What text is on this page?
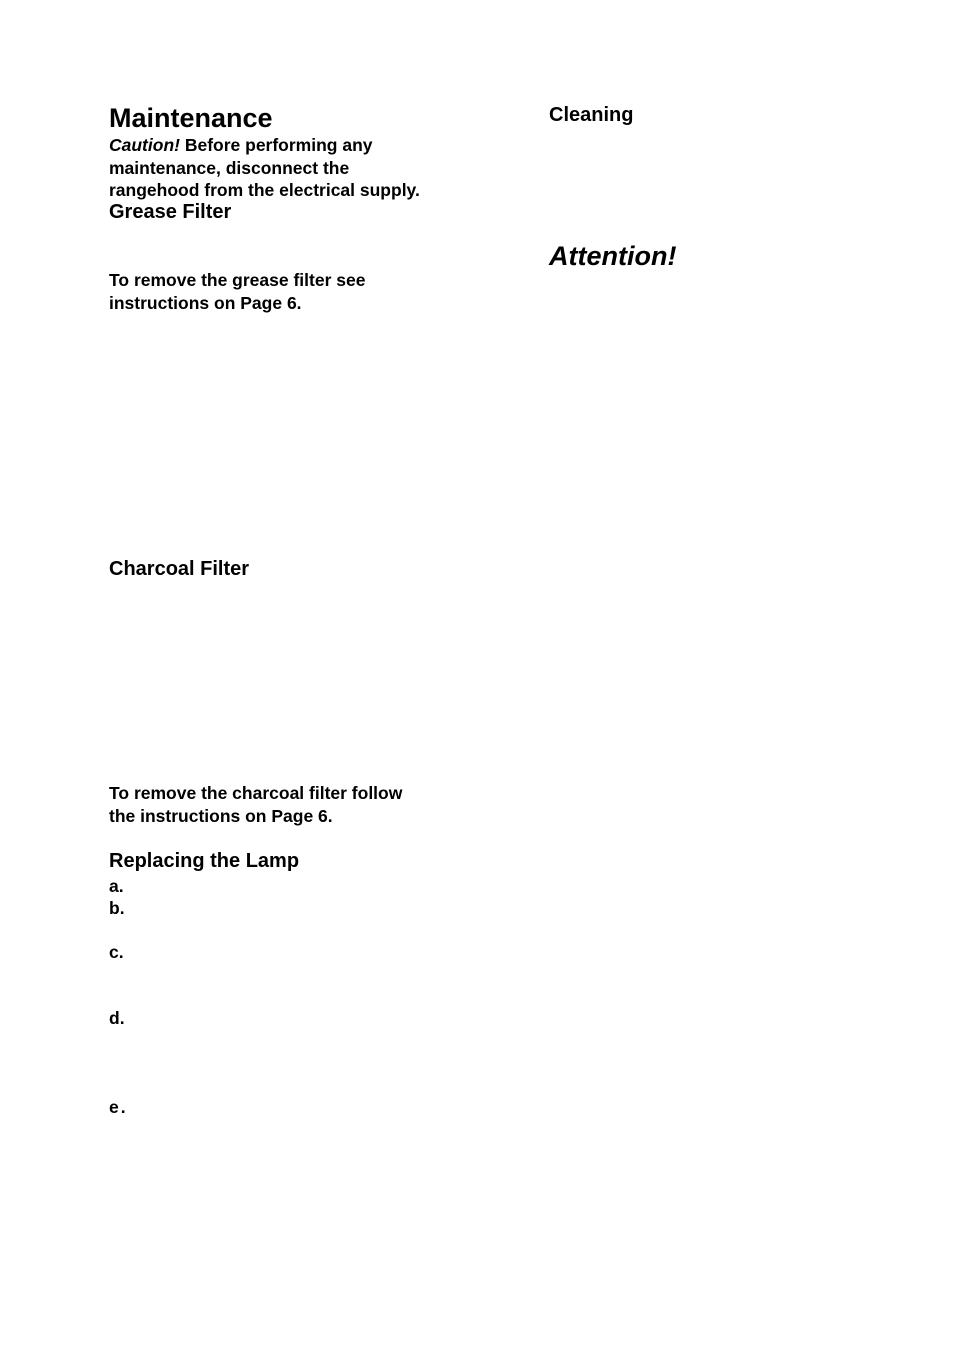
Maintenance
Caution! Before performing any
maintenance, disconnect the
rangehood from the electrical supply.
Grease Filter
To remove the grease filter see
instructions on Page 6.
Charcoal Filter
To remove the charcoal filter follow
the instructions on Page 6.
Replacing the Lamp
a.
b.
c.
d.
e.
Cleaning
Attention!
